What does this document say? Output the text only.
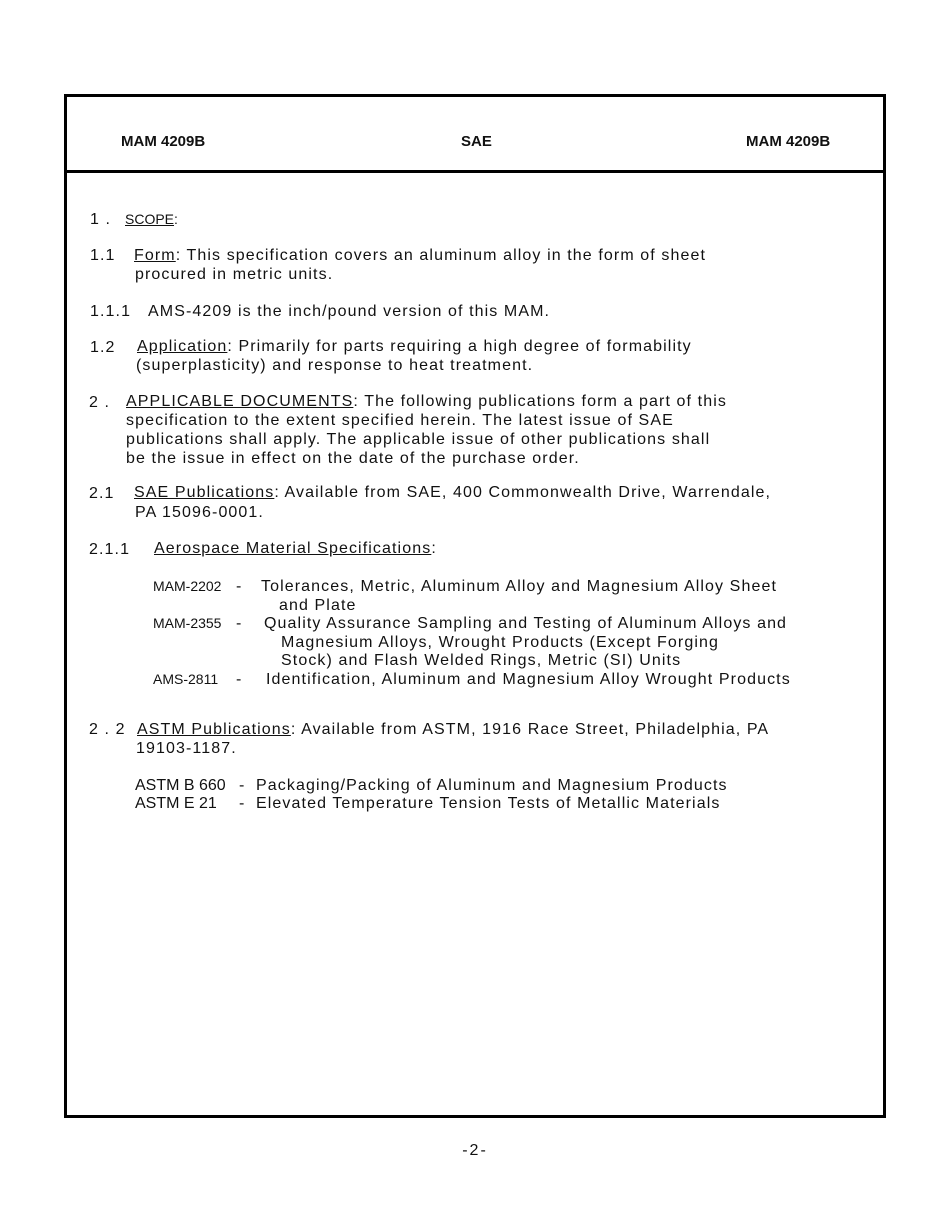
MAM 4209B	SAE	MAM 4209B
1 . SCOPE:
1.1 Form: This specification covers an aluminum alloy in the form of sheet
procured in metric units.
1.1.1 AMS-4209 is the inch/pound version of this MAM.
1.2 Application: Primarily for parts requiring a high degree of formability
(superplasticity) and response to heat treatment.
2 . APPLICABLE DOCUMENTS: The following publications form a part of this
specification to the extent specified herein. The latest issue of SAE
publications shall apply. The applicable issue of other publications shall
be the issue in effect on the date of the purchase order.
2.1 SAE Publications: Available from SAE, 400 Commonwealth Drive, Warrendale,
PA 15096-0001.
2.1.1 Aerospace Material Specifications:
MAM-2202 - Tolerances, Metric, Aluminum Alloy and Magnesium Alloy Sheet
and Plate
MAM-2355 - Quality Assurance Sampling and Testing of Aluminum Alloys and
Magnesium Alloys, Wrought Products (Except Forging
Stock) and Flash Welded Rings, Metric (SI) Units
AMS-2811 - Identification, Aluminum and Magnesium Alloy Wrought Products
2 . 2 ASTM Publications: Available from ASTM, 1916 Race Street, Philadelphia, PA
19103-1187.
ASTM B 660 - Packaging/Packing of Aluminum and Magnesium Products
ASTM E 21 - Elevated Temperature Tension Tests of Metallic Materials
-2-
